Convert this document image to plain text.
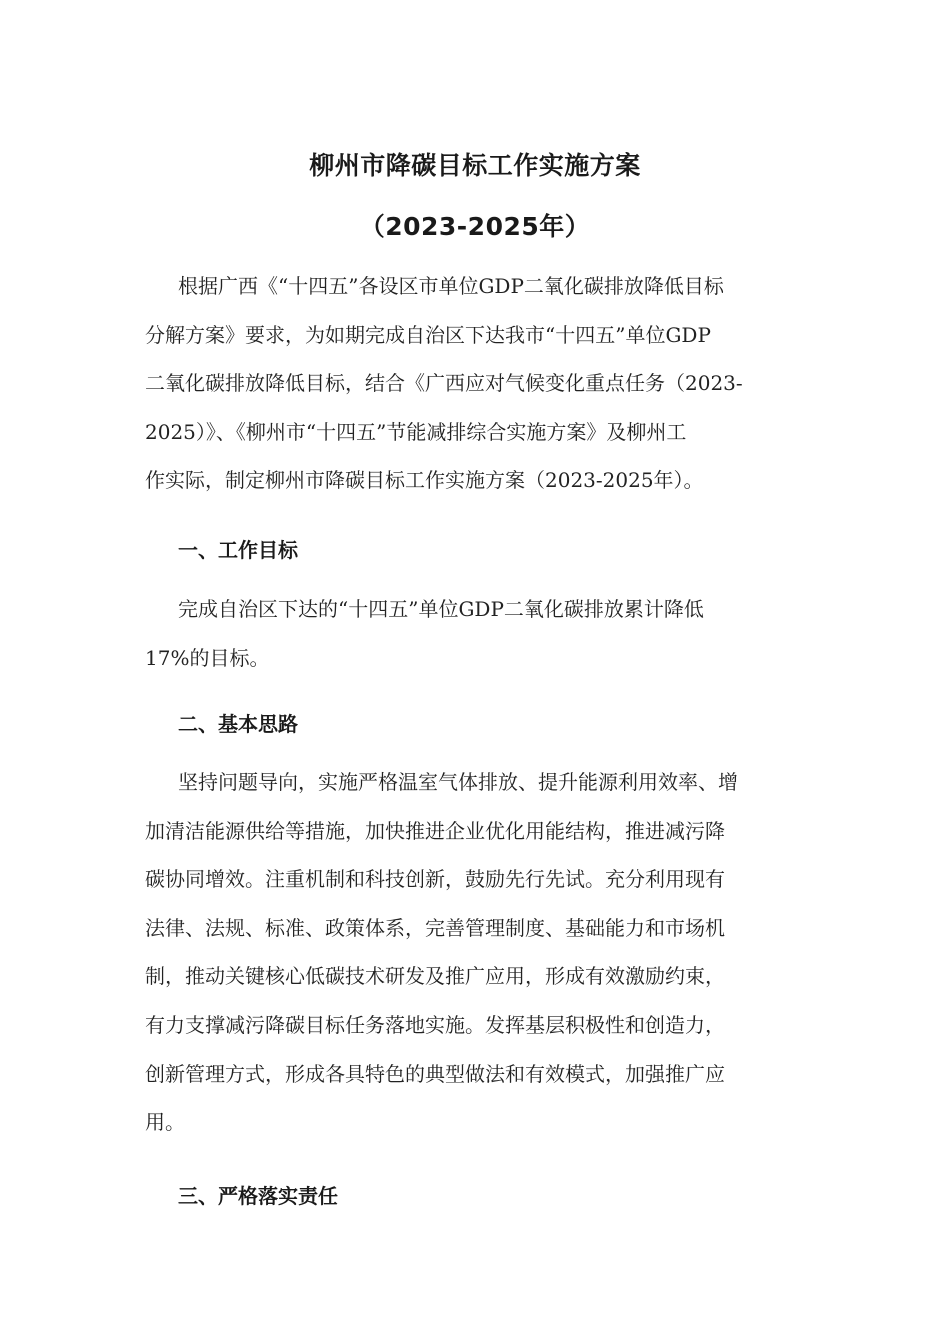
柳州市降碳目标工作实施方案
（2023-2025年）
根据广西《“十四五”各设区市单位GDP二氧化碳排放降低目标
分解方案》要求，为如期完成自治区下达我市“十四五”单位GDP
二氧化碳排放降低目标，结合《广西应对气候变化重点任务（2023-
2025）》、《柳州市“十四五”节能减排综合实施方案》及柳州工
作实际，制定柳州市降碳目标工作实施方案（2023-2025年）。
一、工作目标
完成自治区下达的“十四五”单位GDP二氧化碳排放累计降低
17%的目标。
二、基本思路
坚持问题导向，实施严格温室气体排放、提升能源利用效率、增
加清洁能源供给等措施，加快推进企业优化用能结构，推进减污降
碳协同增效。注重机制和科技创新，鼓励先行先试。充分利用现有
法律、法规、标准、政策体系，完善管理制度、基础能力和市场机
制，推动关键核心低碳技术研发及推广应用，形成有效激励约束，
有力支撑减污降碳目标任务落地实施。发挥基层积极性和创造力，
创新管理方式，形成各具特色的典型做法和有效模式，加强推广应
用。
三、严格落实责任
